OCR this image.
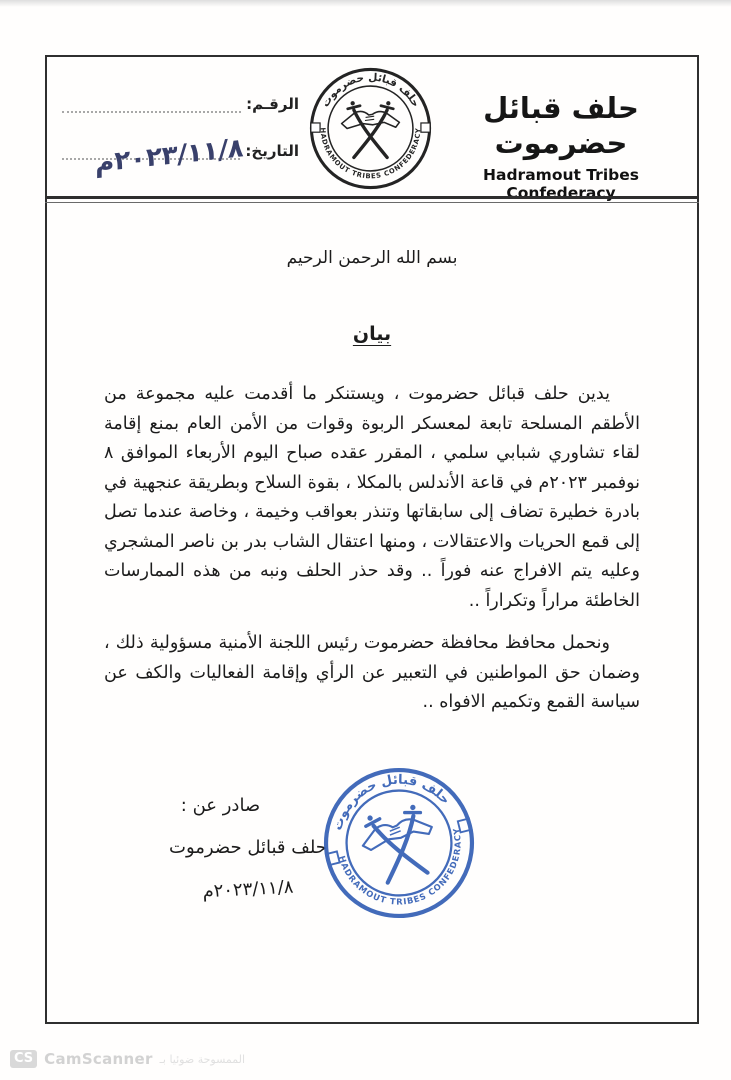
حلف قبائل حضرموت
Hadramout Tribes Confederacy
حلف قبائل حضرموت
HADRAMOUT TRIBES CONFEDERACY
الرقـم:
التاريخ:
٢٠٢٣/١١/٨م
بسم الله الرحمن الرحيم
بيان

يدين حلف قبائل حضرموت ، ويستنكر ما أقدمت عليه مجموعة من الأطقم المسلحة تابعة لمعسكر الربوة وقوات من الأمن العام بمنع إقامة لقاء تشاوري شبابي سلمي ، المقرر عقده صباح اليوم الأربعاء الموافق ٨ نوفمبر ٢٠٢٣م في قاعة الأندلس بالمكلا ، بقوة السلاح وبطريقة عنجهية في بادرة خطيرة تضاف إلى سابقاتها وتنذر بعواقب وخيمة ، وخاصة عندما تصل إلى قمع الحريات والاعتقالات ، ومنها اعتقال الشاب بدر بن ناصر المشجري وعليه يتم الافراج عنه فوراً .. وقد حذر الحلف ونبه من هذه الممارسات الخاطئة مراراً وتكراراً ..

ونحمل محافظ محافظة حضرموت رئيس اللجنة الأمنية مسؤولية ذلك ، وضمان حق المواطنين في التعبير عن الرأي وإقامة الفعاليات والكف عن سياسة القمع وتكميم الافواه ..

صادر عن :
حلف قبائل حضرموت
٢٠٢٣/١١/٨م
حلف قبائل حضرموت
HADRAMOUT TRIBES CONFEDERACY
CS CamScanner الممسوحة ضوئيا بـ
